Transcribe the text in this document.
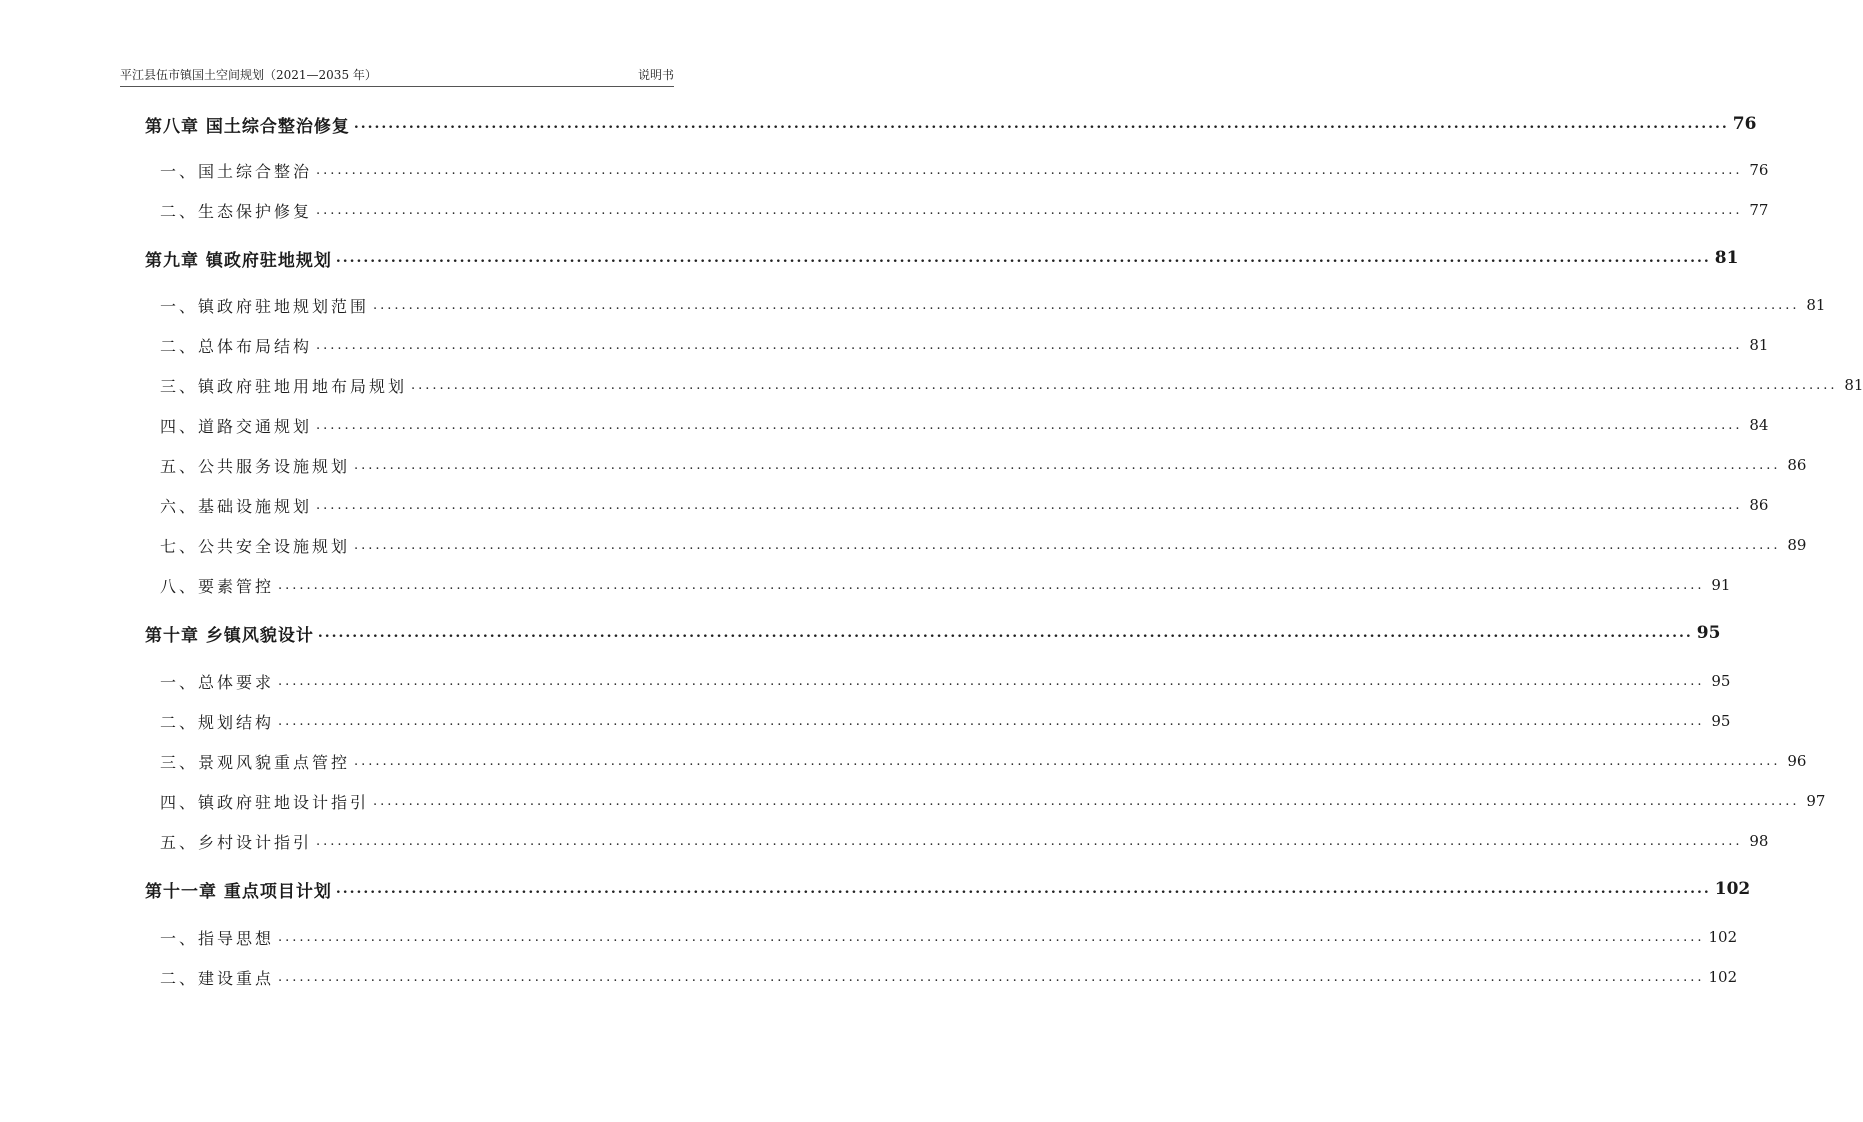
平江县伍市镇国土空间规划（2021—2035 年）	说明书
第八章 国土综合整治修复 ........................................................................................................................................................................................................ 76
一、国土综合整治 ........................................................................................................................................................................................................ 76
二、生态保护修复 ........................................................................................................................................................................................................ 77
第九章 镇政府驻地规划 ........................................................................................................................................................................................................ 81
一、镇政府驻地规划范围 ........................................................................................................................................................................................................ 81
二、总体布局结构 ........................................................................................................................................................................................................ 81
三、镇政府驻地用地布局规划 ........................................................................................................................................................................................................ 81
四、道路交通规划 ........................................................................................................................................................................................................ 84
五、公共服务设施规划 ........................................................................................................................................................................................................ 86
六、基础设施规划 ........................................................................................................................................................................................................ 86
七、公共安全设施规划 ........................................................................................................................................................................................................ 89
八、要素管控 ........................................................................................................................................................................................................ 91
第十章 乡镇风貌设计 ........................................................................................................................................................................................................ 95
一、总体要求 ........................................................................................................................................................................................................ 95
二、规划结构 ........................................................................................................................................................................................................ 95
三、景观风貌重点管控 ........................................................................................................................................................................................................ 96
四、镇政府驻地设计指引 ........................................................................................................................................................................................................ 97
五、乡村设计指引 ........................................................................................................................................................................................................ 98
第十一章 重点项目计划 ........................................................................................................................................................................................................ 102
一、指导思想 ........................................................................................................................................................................................................ 102
二、建设重点 ........................................................................................................................................................................................................ 102
